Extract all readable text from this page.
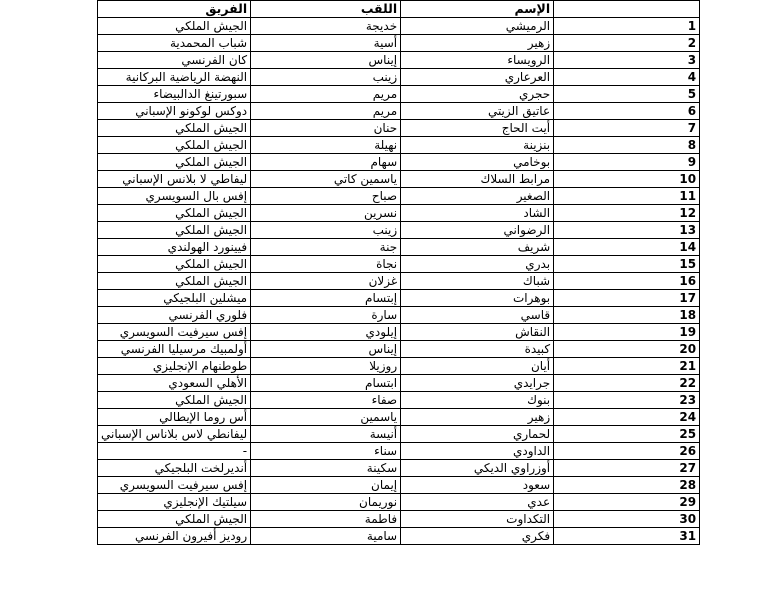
الفريق	اللقب	الإسم	
الجيش الملكي	خديجة	الرميشي	1
شباب المحمدية	أسية	زهير	2
كان الفرنسي	إيناس	الرويساء	3
النهضة الرياضية البركانية	زينب	العرعاري	4
سبورتينغ الدالبيضاء	مريم	حجري	5
دوكس لوكونو الإسباني	مريم	عاتيق الزيتي	6
الجيش الملكي	حنان	أيت الحاج	7
الجيش الملكي	نهيلة	بنزينة	8
الجيش الملكي	سهام	بوخامي	9
ليفاطي لا بلانس الإسباني	ياسمين كاتي	مرابط السلاك	10
إفس بال السويسري	صباح	الصغير	11
الجيش الملكي	نسرين	الشاد	12
الجيش الملكي	زينب	الرضواني	13
فيينورد الهولندي	جنة	شريف	14
الجيش الملكي	نجاة	بدري	15
الجيش الملكي	غزلان	شباك	16
ميشلين البلجيكي	إبتسام	بوهرات	17
فلوري الفرنسي	سارة	قاسي	18
إفس سيرفيت السويسري	إيلودي	النقاش	19
أولمبيك مرسيليا الفرنسي	إيناس	كبيدة	20
طوطنهام الإنجليزي	روزيلا	أيان	21
الأهلي السعودي	ابتسام	جرايدي	22
الجيش الملكي	صفاء	بنوك	23
أس روما الإيطالي	ياسمين	زهير	24
ليفانطي لاس بلاناس الإسباني	أنيسة	لحماري	25
-	سناء	الداودي	26
أنديرلخت البلجيكي	سكينة	أوزراوي الديكي	27
إفس سيرفيت السويسري	إيمان	سعود	28
سيلتيك الإنجليزي	نوريمان	عدي	29
الجيش الملكي	فاطمة	التكداوت	30
روديز أفيرون الفرنسي	سامية	فكري	31
